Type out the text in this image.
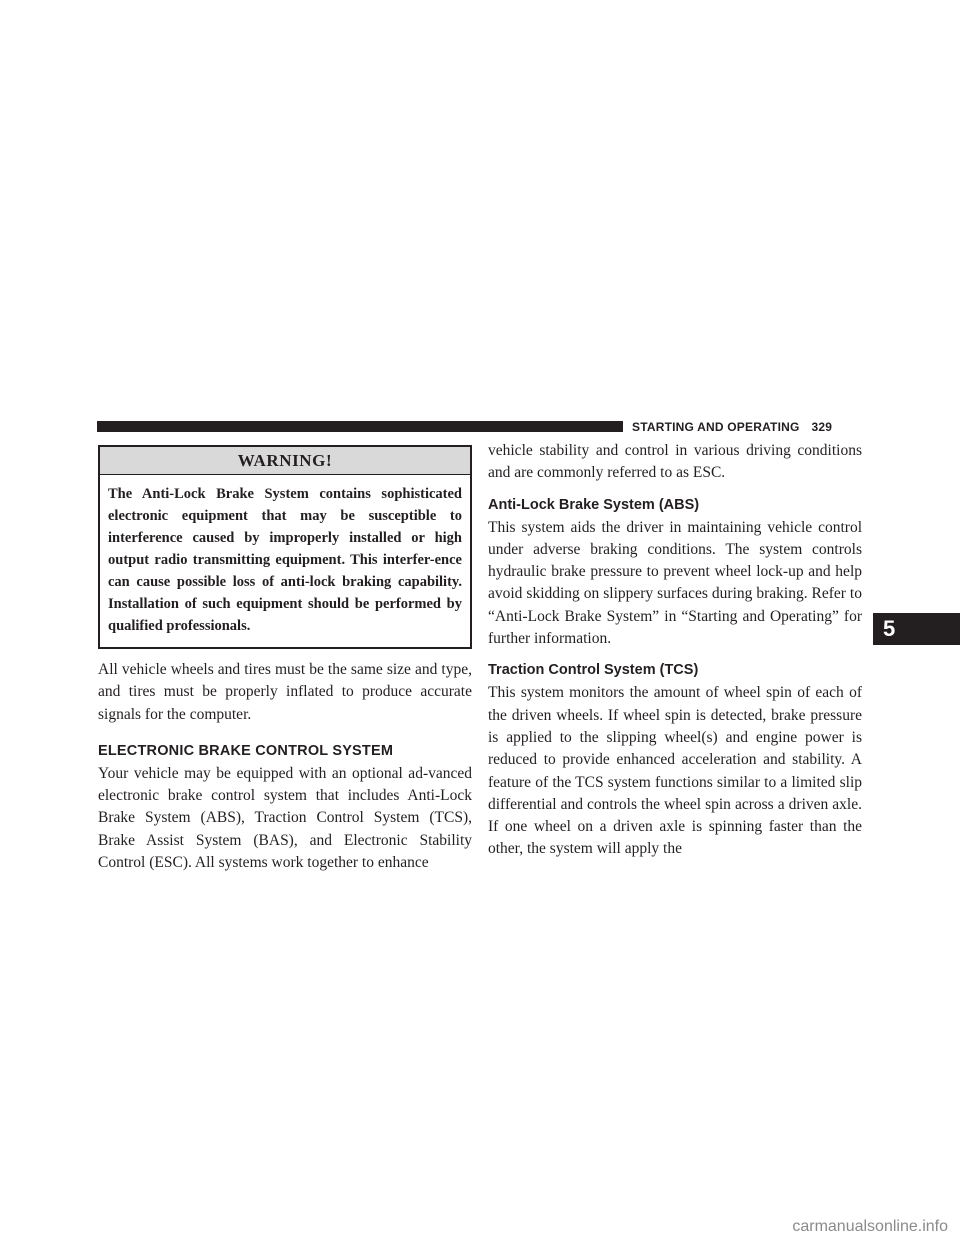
STARTING AND OPERATING 329
WARNING!
The Anti-Lock Brake System contains sophisticated electronic equipment that may be susceptible to interference caused by improperly installed or high output radio transmitting equipment. This interfer-ence can cause possible loss of anti-lock braking capability. Installation of such equipment should be performed by qualified professionals.

All vehicle wheels and tires must be the same size and type, and tires must be properly inflated to produce accurate signals for the computer.

ELECTRONIC BRAKE CONTROL SYSTEM

Your vehicle may be equipped with an optional ad-vanced electronic brake control system that includes Anti-Lock Brake System (ABS), Traction Control System (TCS), Brake Assist System (BAS), and Electronic Stability Control (ESC). All systems work together to enhance

vehicle stability and control in various driving conditions and are commonly referred to as ESC.

Anti-Lock Brake System (ABS)

This system aids the driver in maintaining vehicle control under adverse braking conditions. The system controls hydraulic brake pressure to prevent wheel lock-up and help avoid skidding on slippery surfaces during braking. Refer to “Anti-Lock Brake System” in “Starting and Operating” for further information.

Traction Control System (TCS)

This system monitors the amount of wheel spin of each of the driven wheels. If wheel spin is detected, brake pressure is applied to the slipping wheel(s) and engine power is reduced to provide enhanced acceleration and stability. A feature of the TCS system functions similar to a limited slip differential and controls the wheel spin across a driven axle. If one wheel on a driven axle is spinning faster than the other, the system will apply the

5
carmanualsonline.info
